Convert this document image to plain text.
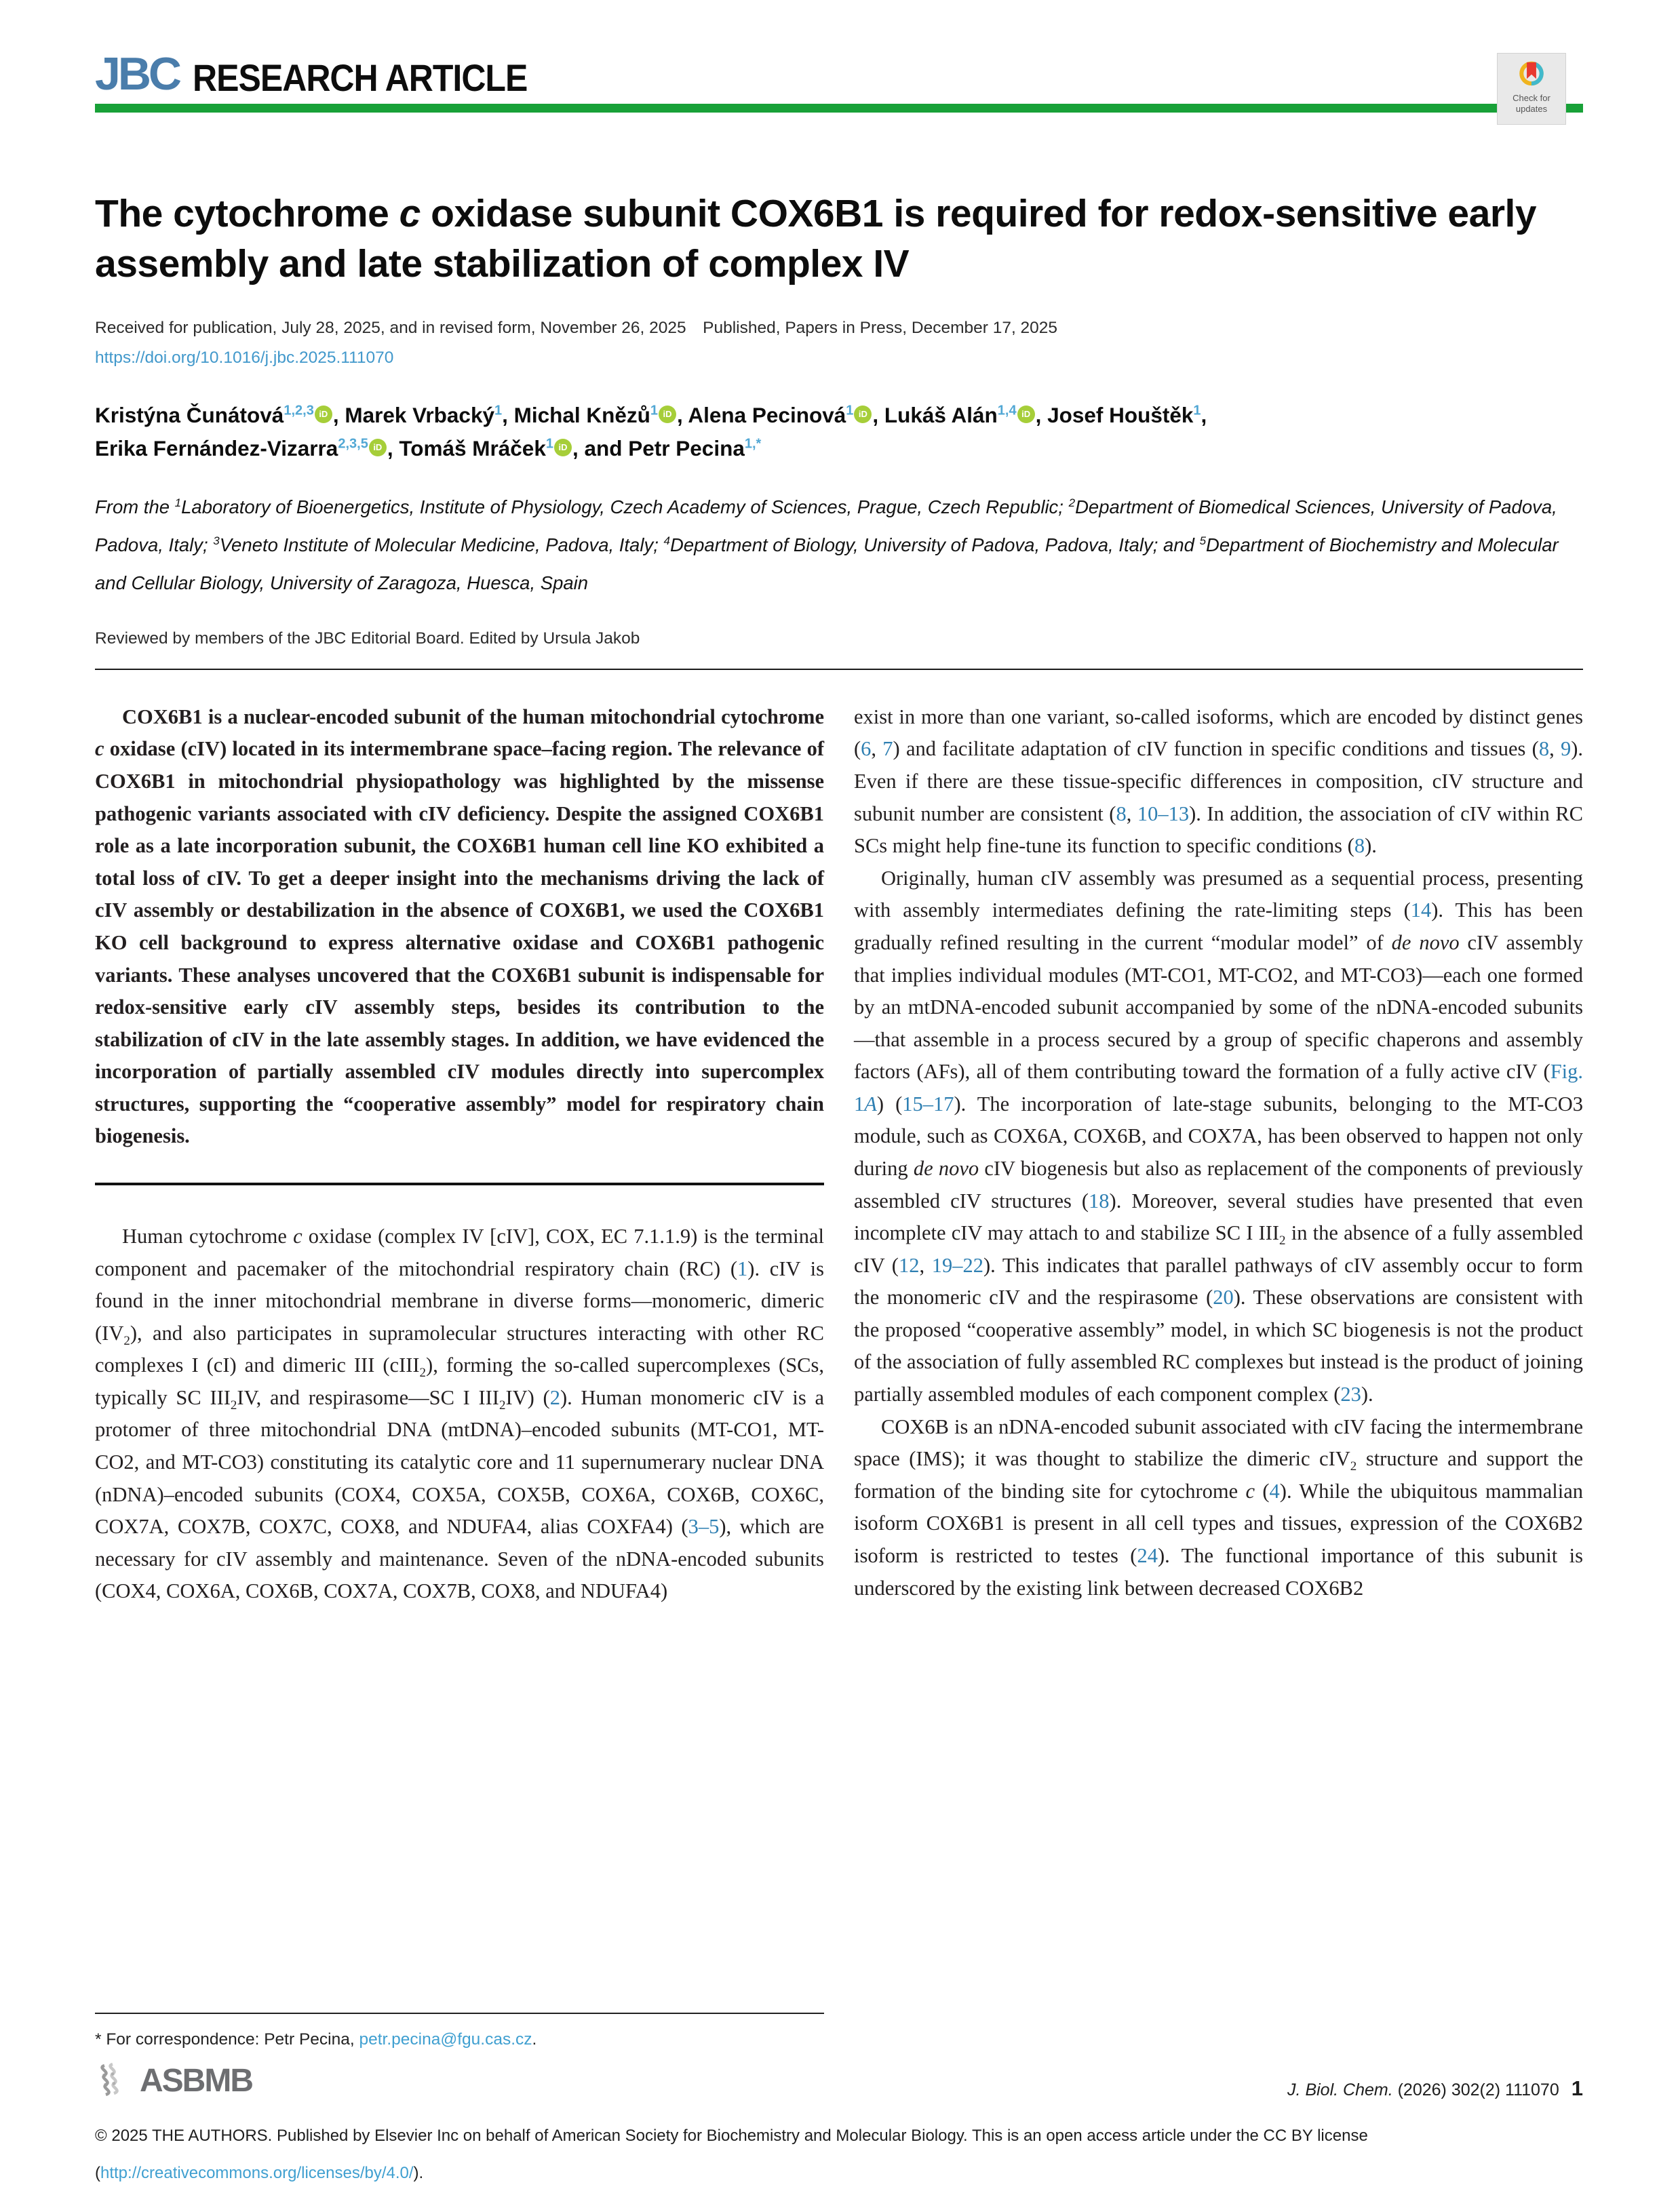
JBC RESEARCH ARTICLE	Check for
updates
The cytochrome c oxidase subunit COX6B1 is required for redox-sensitive early assembly and late stabilization of complex IV
Received for publication, July 28, 2025, and in revised form, November 26, 2025  Published, Papers in Press, December 17, 2025
https://doi.org/10.1016/j.jbc.2025.111070
Kristýna Čunátová$^{1,2,3}$ iD , Marek Vrbacký$^1$, Michal Knězů$^1$ iD , Alena Pecinová$^1$ iD , Lukáš Alán$^{1,4}$ iD , Josef Houštěk$^1$,
Erika Fernández-Vizarra$^{2,3,5}$ iD , Tomáš Mráček$^1$ iD , and Petr Pecina$^{1,*}$
From the $^1$Laboratory of Bioenergetics, Institute of Physiology, Czech Academy of Sciences, Prague, Czech Republic; $^2$Department of Biomedical Sciences, University of Padova, Padova, Italy; $^3$Veneto Institute of Molecular Medicine, Padova, Italy; $^4$Department of Biology, University of Padova, Padova, Italy; and $^5$Department of Biochemistry and Molecular and Cellular Biology, University of Zaragoza, Huesca, Spain
Reviewed by members of the JBC Editorial Board. Edited by Ursula Jakob

COX6B1 is a nuclear-encoded subunit of the human mitochondrial cytochrome c oxidase (cIV) located in its intermembrane space–facing region. The relevance of COX6B1 in mitochondrial physiopathology was highlighted by the missense pathogenic variants associated with cIV deficiency. Despite the assigned COX6B1 role as a late incorporation subunit, the COX6B1 human cell line KO exhibited a total loss of cIV. To get a deeper insight into the mechanisms driving the lack of cIV assembly or destabilization in the absence of COX6B1, we used the COX6B1 KO cell background to express alternative oxidase and COX6B1 pathogenic variants. These analyses uncovered that the COX6B1 subunit is indispensable for redox-sensitive early cIV assembly steps, besides its contribution to the stabilization of cIV in the late assembly stages. In addition, we have evidenced the incorporation of partially assembled cIV modules directly into supercomplex structures, supporting the “cooperative assembly” model for respiratory chain biogenesis.

Human cytochrome c oxidase (complex IV [cIV], COX, EC 7.1.1.9) is the terminal component and pacemaker of the mitochondrial respiratory chain (RC) (1). cIV is found in the inner mitochondrial membrane in diverse forms—monomeric, dimeric $(IV_2)$, and also participates in supramolecular structures interacting with other RC complexes I (cI) and dimeric III (cIII$_2$), forming the so-called supercomplexes (SCs, typically SC $III_2IV$, and respirasome—SC I $III_2IV$) (2). Human monomeric cIV is a protomer of three mitochondrial DNA (mtDNA)–encoded subunits (MT-CO1, MT-CO2, and MT-CO3) constituting its catalytic core and 11 supernumerary nuclear DNA (nDNA)–encoded subunits (COX4, COX5A, COX5B, COX6A, COX6B, COX6C, COX7A, COX7B, COX7C, COX8, and NDUFA4, alias COXFA4) (3–5), which are necessary for cIV assembly and maintenance. Seven of the nDNA-encoded subunits (COX4, COX6A, COX6B, COX7A, COX7B, COX8, and NDUFA4)

* For correspondence: Petr Pecina, petr.pecina@fgu.cas.cz.

exist in more than one variant, so-called isoforms, which are encoded by distinct genes (6, 7) and facilitate adaptation of cIV function in specific conditions and tissues (8, 9). Even if there are these tissue-specific differences in composition, cIV structure and subunit number are consistent (8, 10–13). In addition, the association of cIV within RC SCs might help fine-tune its function to specific conditions (8).

Originally, human cIV assembly was presumed as a sequential process, presenting with assembly intermediates defining the rate-limiting steps (14). This has been gradually refined resulting in the current “modular model” of de novo cIV assembly that implies individual modules (MT-CO1, MT-CO2, and MT-CO3)—each one formed by an mtDNA-encoded subunit accompanied by some of the nDNA-encoded subunits—that assemble in a process secured by a group of specific chaperons and assembly factors (AFs), all of them contributing toward the formation of a fully active cIV (Fig. 1A) (15–17). The incorporation of late-stage subunits, belonging to the MT-CO3 module, such as COX6A, COX6B, and COX7A, has been observed to happen not only during de novo cIV biogenesis but also as replacement of the components of previously assembled cIV structures (18). Moreover, several studies have presented that even incomplete cIV may attach to and stabilize SC I $III_2$ in the absence of a fully assembled cIV (12, 19–22). This indicates that parallel pathways of cIV assembly occur to form the monomeric cIV and the respirasome (20). These observations are consistent with the proposed “cooperative assembly” model, in which SC biogenesis is not the product of the association of fully assembled RC complexes but instead is the product of joining partially assembled modules of each component complex (23).

COX6B is an nDNA-encoded subunit associated with cIV facing the intermembrane space (IMS); it was thought to stabilize the dimeric cIV$_2$ structure and support the formation of the binding site for cytochrome c (4). While the ubiquitous mammalian isoform COX6B1 is present in all cell types and tissues, expression of the COX6B2 isoform is restricted to testes (24). The functional importance of this subunit is underscored by the existing link between decreased COX6B2

ASBMB	J. Biol. Chem. (2026) 302(2) 111070 1

© 2025 THE AUTHORS. Published by Elsevier Inc on behalf of American Society for Biochemistry and Molecular Biology. This is an open access article under the CC BY license (http://creativecommons.org/licenses/by/4.0/).
